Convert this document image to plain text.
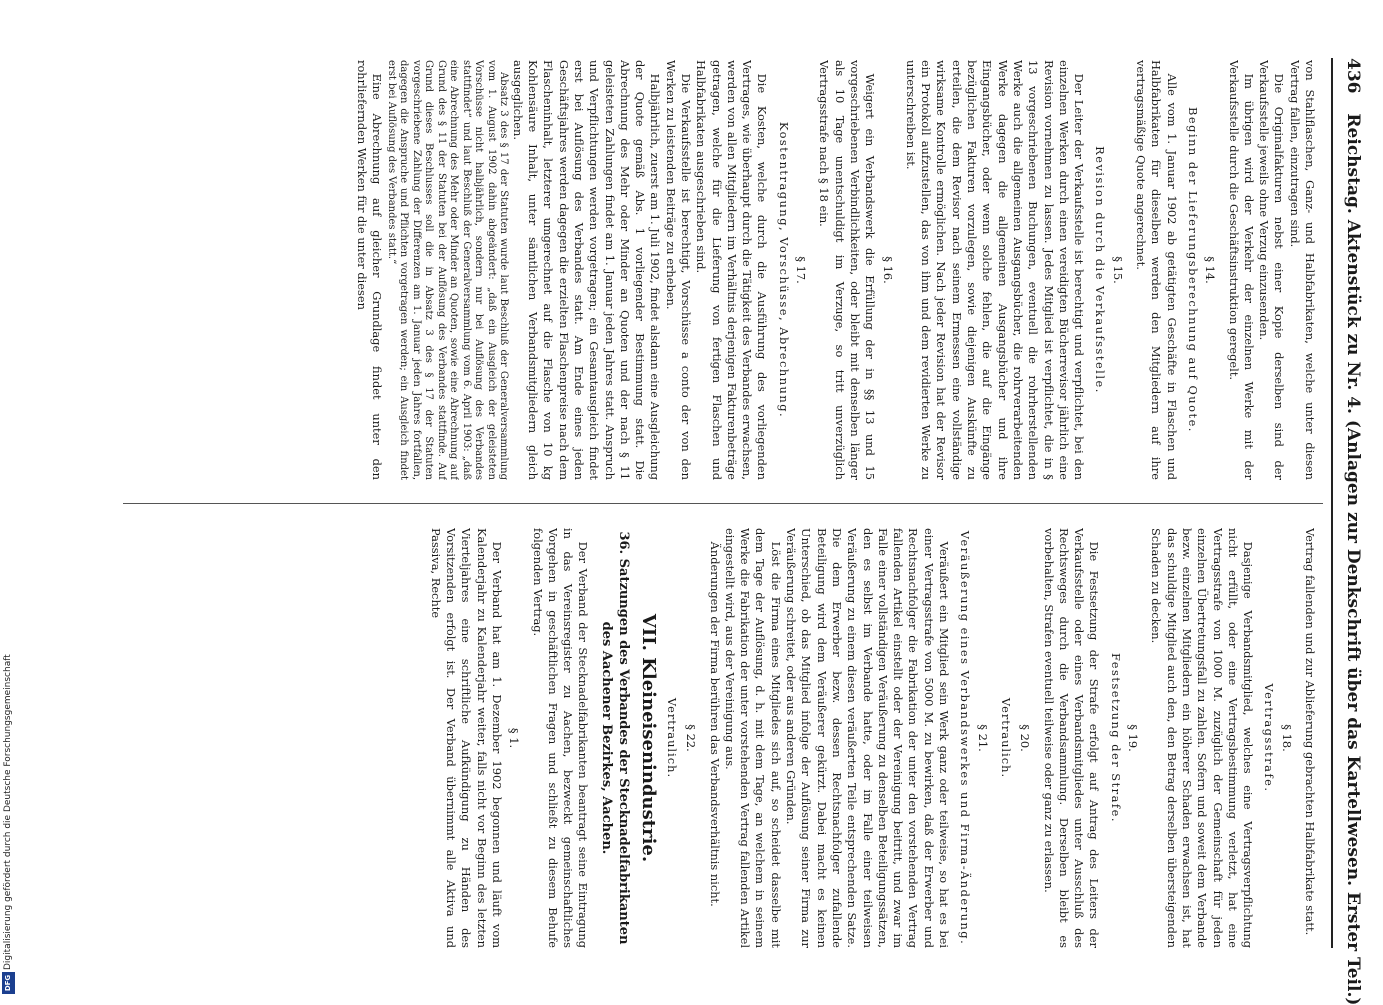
Digitalisierung gefördert durch die Deutsche Forschungsgemeinschaft
DFG
436 Reichstag. Aktenstück zu Nr. 4. (Anlagen zur Denkschrift über das Kartellwesen. Erster Teil.)

von Stahlflaschen, Ganz- und Halbfabrikaten, welche unter diesen Vertrag fallen, einzutragen sind.

Die Originalfakturen nebst einer Kopie derselben sind der Verkaufsstelle jeweils ohne Verzug einzusenden.

Im übrigen wird der Verkehr der einzelnen Werke mit der Verkaufsstelle durch die Geschäftsinstruktion geregelt.

§ 14.
Beginn der Lieferungsberechnung auf Quote.

Alle vom 1. Januar 1902 ab getätigten Geschäfte in Flaschen und Halbfabrikaten für dieselben werden den Mitgliedern auf ihre vertragsmäßige Quote angerechnet.

§ 15.
Revision durch die Verkaufsstelle.

Der Leiter der Verkaufsstelle ist berechtigt und verpflichtet, bei den einzelnen Werken durch einen vereidigten Bücherrevisor jährlich eine Revision vornehmen zu lassen. Jedes Mitglied ist verpflichtet, die in § 13 vorgeschriebenen Buchungen, eventuell die rohrherstellenden Werke auch die allgemeinen Ausgangsbücher, die rohrverarbeitenden Werke dagegen die allgemeinen Ausgangsbücher und ihre Eingangsbücher, oder wenn solche fehlen, die auf die Eingänge bezüglichen Fakturen vorzulegen, sowie diejenigen Auskünfte zu erteilen, die dem Revisor nach seinem Ermessen eine vollständige wirksame Kontrolle ermöglichen. Nach jeder Revision hat der Revisor ein Protokoll aufzustellen, das von ihm und dem revidierten Werke zu unterschreiben ist.

§ 16.

Weigert ein Verbandswerk die Erfüllung der in §§ 13 und 15 vorgeschriebenen Verbindlichkeiten, oder bleibt mit denselben länger als 10 Tage unentschuldigt im Verzuge, so tritt unverzüglich Vertragsstrafe nach § 18 ein.

§ 17.
Kostentragung, Vorschüsse, Abrechnung.

Die Kosten, welche durch die Ausführung des vorliegenden Vertrages, wie überhaupt durch die Tätigkeit des Verbandes erwachsen, werden von allen Mitgliedern im Verhältnis derjenigen Fakturenbeträge getragen, welche für die Lieferung von fertigen Flaschen und Halbfabrikaten ausgeschrieben sind.

Die Verkaufsstelle ist berechtigt, Vorschüsse a conto der von den Werken zu leistenden Beiträge zu erheben.

Halbjährlich, zuerst am 1. Juli 1902, findet alsdann eine Ausgleichung der Quote gemäß Abs. 1 vorliegender Bestimmung statt. Die Abrechnung des Mehr oder Minder an Quoten und der nach § 11 geleisteten Zahlungen findet am 1. Januar jeden Jahres statt. Anspruch und Verpflichtungen werden vorgetragen; ein Gesamtausgleich findet erst bei Auflösung des Verbandes statt. Am Ende eines jeden Geschäftsjahres werden dagegen die erzielten Flaschenpreise nach dem Flascheninhalt, letzterer umgerechnet auf die Flasche von 10 kg Kohlensäure Inhalt, unter sämtlichen Verbandsmitgliedern gleich ausgeglichen.

Absatz 3 des § 17 der Statuten wurde laut Beschluß der Generalversammlung vom 1. August 1902 dahin abgeändert: „daß ein Ausgleich der geleisteten Vorschüsse nicht halbjährlich, sondern nur bei Auflösung des Verbandes stattfindet“ und laut Beschluß der Generalversammlung vom 6. April 1903: „daß eine Abrechnung des Mehr oder Minder an Quoten, sowie eine Abrechnung auf Grund des § 11 der Statuten bei der Auflösung des Verbandes stattfinde. Auf Grund dieses Beschlusses soll die in Absatz 3 des § 17 der Statuten vorgeschriebene Zahlung der Differenzen am 1. Januar jeden Jahres fortfallen, dagegen die Anspruche und Pflichten vorgetragen werden; ein Ausgleich findet erst bei Auflösung des Verbandes statt.“

Eine Abrechnung auf gleicher Grundlage findet unter den rohrliefernden Werken für die unter diesen

Vertrag fallenden und zur Ablieferung gebrachten Halbfabrikate statt.

§ 18.
Vertragsstrafe.

Dasjenige Verbandsmitglied, welches eine Vertragsverpflichtung nicht erfüllt, oder eine Vertragsbestimmung verletzt, hat eine Vertragsstrafe von 1000 M. zuzüglich der Gemeinschaft für jeden einzelnen Übertretungsfall zu zahlen. Sofern und soweit dem Verbande bezw. einzelnen Mitgliedern ein höherer Schaden erwachsen ist, hat das schuldige Mitglied auch den, den Betrag derselben übersteigenden Schaden zu decken.

§ 19.
Festsetzung der Strafe.

Die Festsetzung der Strafe erfolgt auf Antrag des Leiters der Verkaufsstelle oder eines Verbandsmitgliedes unter Ausschluß des Rechtsweges durch die Verbandsammlung. Derselben bleibt es vorbehalten, Strafen eventuell teilweise oder ganz zu erlassen.

§ 20.
Vertraulich.
§ 21.
Veräußerung eines Verbandswerkes und Firma-Änderung.

Veräußert ein Mitglied sein Werk ganz oder teilweise, so hat es bei einer Vertragsstrafe von 5000 M. zu bewirken, daß der Erwerber und Rechtsnachfolger die Fabrikation der unter den vorstehenden Vertrag fallenden Artikel einstellt oder der Vereinigung beitritt, und zwar im Falle einer vollständigen Veräußerung zu denselben Beteiligungssätzen, den es selbst im Verbande hatte, oder im Falle einer teilweisen Veräußerung zu einem diesen veräußerten Teile entsprechenden Satze. Die dem Erwerber bezw. dessen Rechtsnachfolger zufallende Beteiligung wird dem Veräußerer gekürzt. Dabei macht es keinen Unterschied, ob das Mitglied infolge der Auflösung seiner Firma zur Veräußerung schreitet, oder aus anderen Gründen.

Löst die Firma eines Mitgliedes sich auf, so scheidet dasselbe mit dem Tage der Auflösung, d. h. mit dem Tage, an welchem in seinem Werke die Fabrikation der unter vorstehenden Vertrag fallenden Artikel eingestellt wird, aus der Vereinigung aus.

Änderungen der Firma berühren das Verbandsverhältnis nicht.

§ 22.
Vertraulich.
VII. Kleineisenindustrie.
36. Satzungen des Verbandes der Stecknadelfabrikanten des Aachener Bezirkes, Aachen.

Der Verband der Stecknadelfabrikanten beantragt seine Eintragung in das Vereinsregister zu Aachen, bezweckt gemeinschaftliches Vorgehen in geschäftlichen Fragen und schließt zu diesem Behufe folgenden Vertrag.

§ 1.

Der Verband hat am 1. Dezember 1902 begonnen und läuft vom Kalenderjahr zu Kalenderjahr weiter, falls nicht vor Beginn des letzten Vierteljahres eine schriftliche Aufkündigung zu Händen des Vorsitzenden erfolgt ist. Der Verband übernimmt alle Aktiva und Passiva, Rechte
